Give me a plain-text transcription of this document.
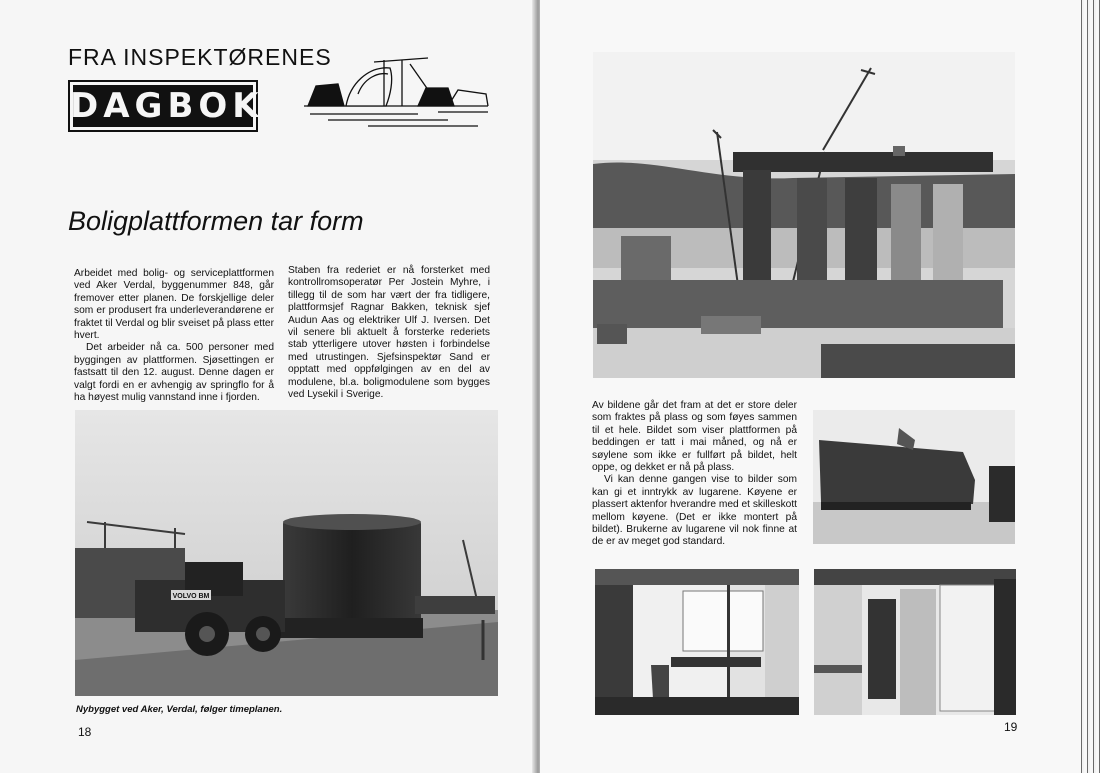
FRA INSPEKTØRENES
DAGBOK
Boligplattformen tar form

Arbeidet med bolig- og serviceplattformen ved Aker Verdal, byggenummer 848, går fremover etter planen. De forskjellige deler som er produsert fra underleverandørene er fraktet til Verdal og blir sveiset på plass etter hvert.

Det arbeider nå ca. 500 personer med byggingen av plattformen. Sjøsettingen er fastsatt til den 12. august. Denne dagen er valgt fordi en er avhengig av springflo for å ha høyest mulig vannstand inne i fjorden.

Staben fra rederiet er nå forsterket med kontrollromsoperatør Per Jostein Myhre, i tillegg til de som har vært der fra tidligere, plattformsjef Ragnar Bakken, teknisk sjef Audun Aas og elektriker Ulf J. Iversen. Det vil senere bli aktuelt å forsterke rederiets stab ytterligere utover høsten i forbindelse med utrustingen. Sjefsinspektør Sand er opptatt med oppfølgingen av en del av modulene, bl.a. boligmodulene som bygges ved Lysekil i Sverige.

VOLVO BM
Nybygget ved Aker, Verdal, følger timeplanen.
18

Av bildene går det fram at det er store deler som fraktes på plass og som føyes sammen til et hele. Bildet som viser plattformen på beddingen er tatt i mai måned, og nå er søylene som ikke er fullført på bildet, helt oppe, og dekket er nå på plass.

Vi kan denne gangen vise to bilder som kan gi et inntrykk av lugarene. Køyene er plassert aktenfor hverandre med et skilleskott mellom køyene. (Det er ikke montert på bildet). Brukerne av lugarene vil nok finne at de er av meget god standard.

19
